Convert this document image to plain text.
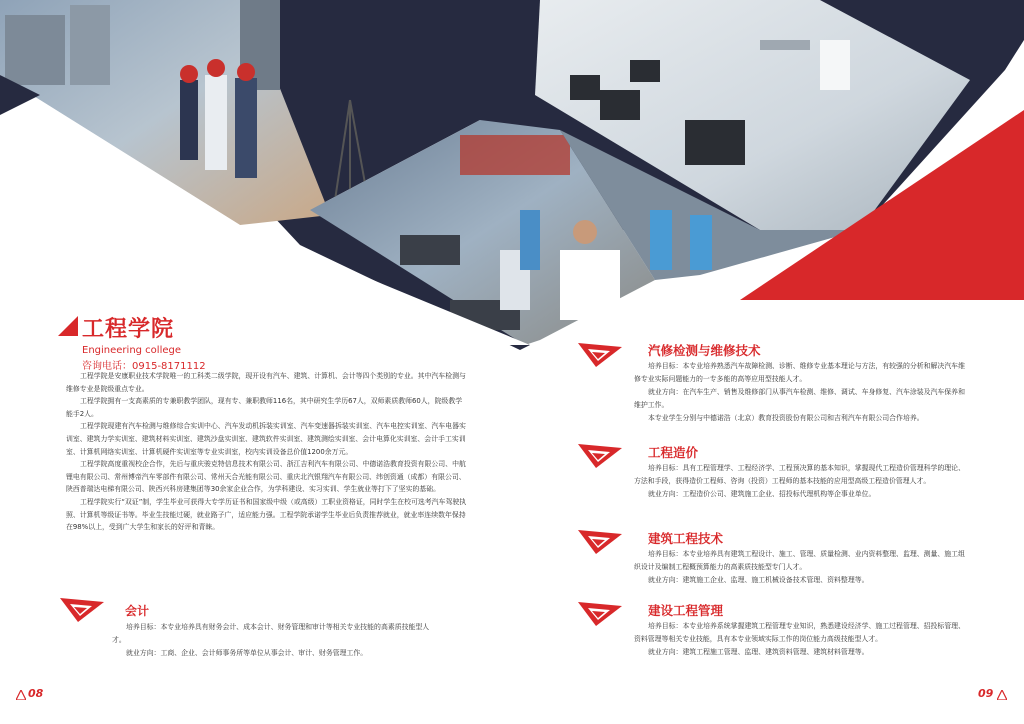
工程学院
Engineering college
咨询电话：0915-8171112

工程学院是安康职业技术学院唯一的工科类二级学院，现开设有汽车、建筑、计算机、会计等四个类别的专业。其中汽车检测与维修专业是院级重点专业。

工程学院拥有一支高素质的专兼职教学团队，现有专、兼职教师116名，其中研究生学历67人，双师素质教师60人，院级教学能手2人。

工程学院现建有汽车检测与维修综合实训中心、汽车发动机拆装实训室、汽车变速器拆装实训室、汽车电控实训室、汽车电器实训室、建筑力学实训室、建筑材料实训室、建筑沙盘实训室、建筑软件实训室、建筑测绘实训室、会计电算化实训室、会计手工实训室、计算机网络实训室、计算机硬件实训室等专业实训室，校内实训设备总价值1200余万元。

工程学院高度重视校企合作，先后与重庆骏克特信息技术有限公司、浙江吉利汽车有限公司、中德诺浩教育投资有限公司、中航锂电有限公司、常州博帝汽车零部件有限公司、常州天合光能有限公司、重庆北汽银翔汽车有限公司、纬创资通（成都）有限公司、陕西普瑞达电梯有限公司、陕西兴科房建集团等30余家企业合作，为学科建设、实习实训、学生就业等打下了坚实的基础。

工程学院实行“双证”制，学生毕业可获得大专学历证书和国家级中级（或高级）工职业资格证，同时学生在校可选考汽车驾驶执照、计算机等级证书等。毕业生技能过硬，就业路子广，适应能力强。工程学院承诺学生毕业后负责推荐就业，就业率连续数年保持在98%以上，受到广大学生和家长的好评和青睐。

会计

培养目标：本专业培养具有财务会计、成本会计、财务管理和审计等相关专业技能的高素质技能型人才。

就业方向：工商、企业、会计师事务所等单位从事会计、审计、财务管理工作。

08
汽修检测与维修技术

培养目标：本专业培养熟悉汽车故障检测、诊断、维修专业基本理论与方法，有较强的分析和解决汽车维修专业实际问题能力的一专多能的高等应用型技能人才。

就业方向：在汽车生产、销售及维修部门从事汽车检测、维修、调试、车身修复、汽车涂装及汽车保养和维护工作。

本专业学生分别与中德诺浩（北京）教育投资股份有限公司和吉利汽车有限公司合作培养。

工程造价

培养目标：具有工程管理学、工程经济学、工程预决算的基本知识，掌握现代工程造价管理科学的理论、方法和手段，获得造价工程师、咨询（投资）工程师的基本技能的应用型高级工程造价管理人才。

就业方向：工程造价公司、建筑施工企业、招投标代理机构等企事业单位。

建筑工程技术

培养目标：本专业培养具有建筑工程设计、施工、管理、质量检测、业内资料整理、监理、测量、施工组织设计及编制工程概预算能力的高素质技能型专门人才。

就业方向：建筑施工企业、监理、施工机械设备技术管理、资料整理等。

建设工程管理

培养目标：本专业培养系统掌握建筑工程管理专业知识，熟悉建设经济学、施工过程管理、招投标管理、资料管理等相关专业技能，具有本专业领域实际工作的岗位能力高级技能型人才。

就业方向：建筑工程施工管理、监理、建筑资料管理、建筑材料管理等。

09
